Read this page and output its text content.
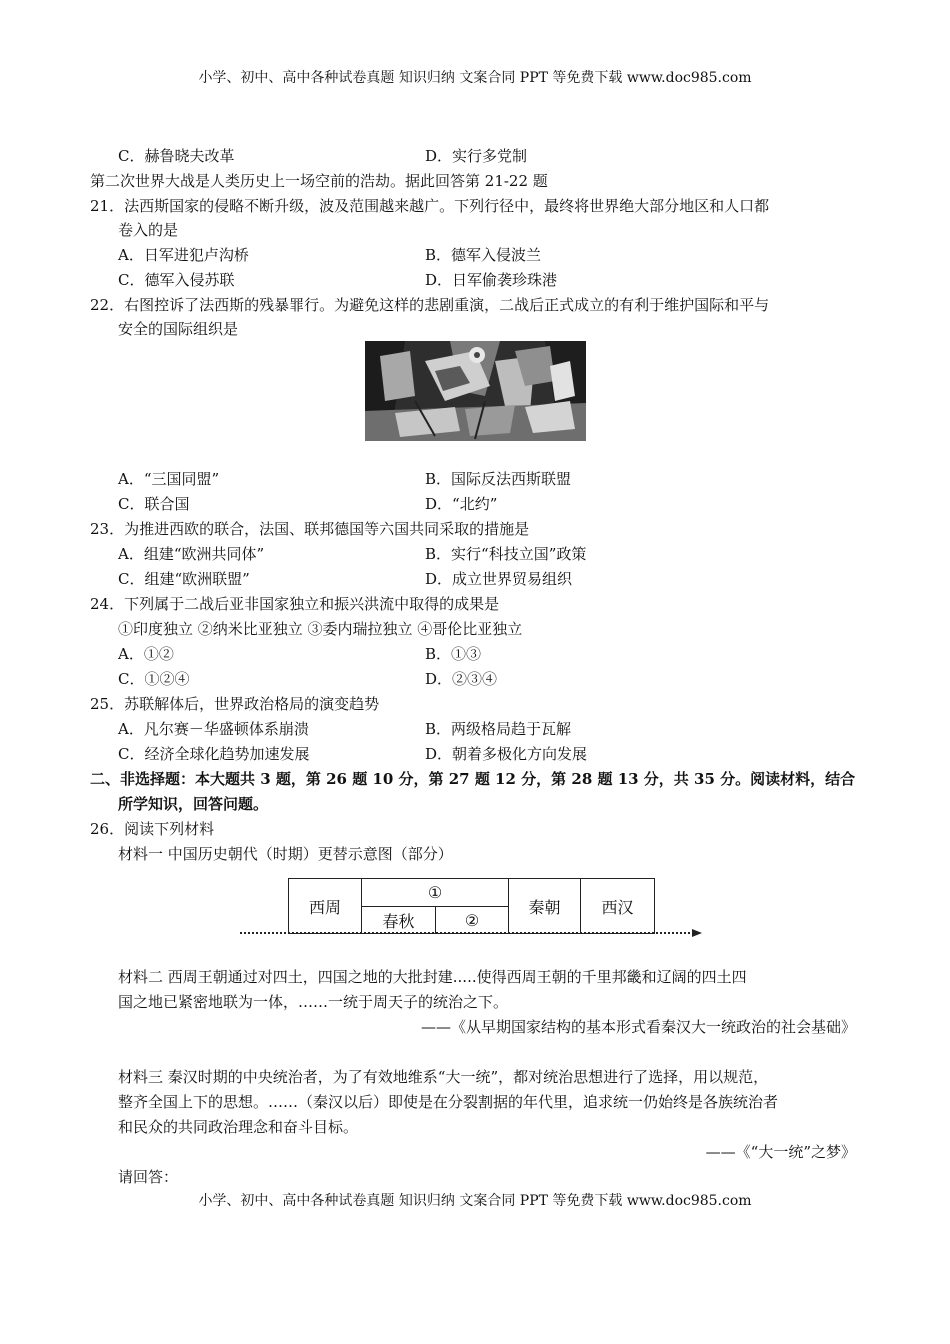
小学、初中、高中各种试卷真题 知识归纳 文案合同 PPT 等免费下载 www.doc985.com
C．赫鲁晓夫改革	D．实行多党制
第二次世界大战是人类历史上一场空前的浩劫。据此回答第 21-22 题
21．法西斯国家的侵略不断升级，波及范围越来越广。下列行径中，最终将世界绝大部分地区和人口都
卷入的是
A．日军进犯卢沟桥	B．德军入侵波兰
C．德军入侵苏联	D．日军偷袭珍珠港
22．右图控诉了法西斯的残暴罪行。为避免这样的悲剧重演，二战后正式成立的有利于维护国际和平与
安全的国际组织是
A．“三国同盟”	B．国际反法西斯联盟
C．联合国	D．“北约”
23．为推进西欧的联合，法国、联邦德国等六国共同采取的措施是
A．组建“欧洲共同体”	B．实行“科技立国”政策
C．组建“欧洲联盟”	D．成立世界贸易组织
24．下列属于二战后亚非国家独立和振兴洪流中取得的成果是
①印度独立 ②纳米比亚独立 ③委内瑞拉独立 ④哥伦比亚独立
A．①②	B．①③
C．①②④	D．②③④
25．苏联解体后，世界政治格局的演变趋势
A．凡尔赛－华盛顿体系崩溃	B．两级格局趋于瓦解
C．经济全球化趋势加速发展	D．朝着多极化方向发展
二、非选择题：本大题共 3 题，第 26 题 10 分，第 27 题 12 分，第 28 题 13 分，共 35 分。阅读材料，结合
所学知识，回答问题。
26．阅读下列材料
材料一 中国历史朝代（时期）更替示意图（部分）
西周
①
春秋	②
秦朝	西汉
材料二 西周王朝通过对四土，四国之地的大批封建.....使得西周王朝的千里邦畿和辽阔的四土四
国之地已紧密地联为一体，……一统于周天子的统治之下。
——《从早期国家结构的基本形式看秦汉大一统政治的社会基础》
材料三 秦汉时期的中央统治者，为了有效地维系“大一统”，都对统治思想进行了选择，用以规范，
整齐全国上下的思想。……（秦汉以后）即使是在分裂割据的年代里，追求统一仍始终是各族统治者
和民众的共同政治理念和奋斗目标。
——《“大一统”之梦》
请回答：
小学、初中、高中各种试卷真题 知识归纳 文案合同 PPT 等免费下载 www.doc985.com
